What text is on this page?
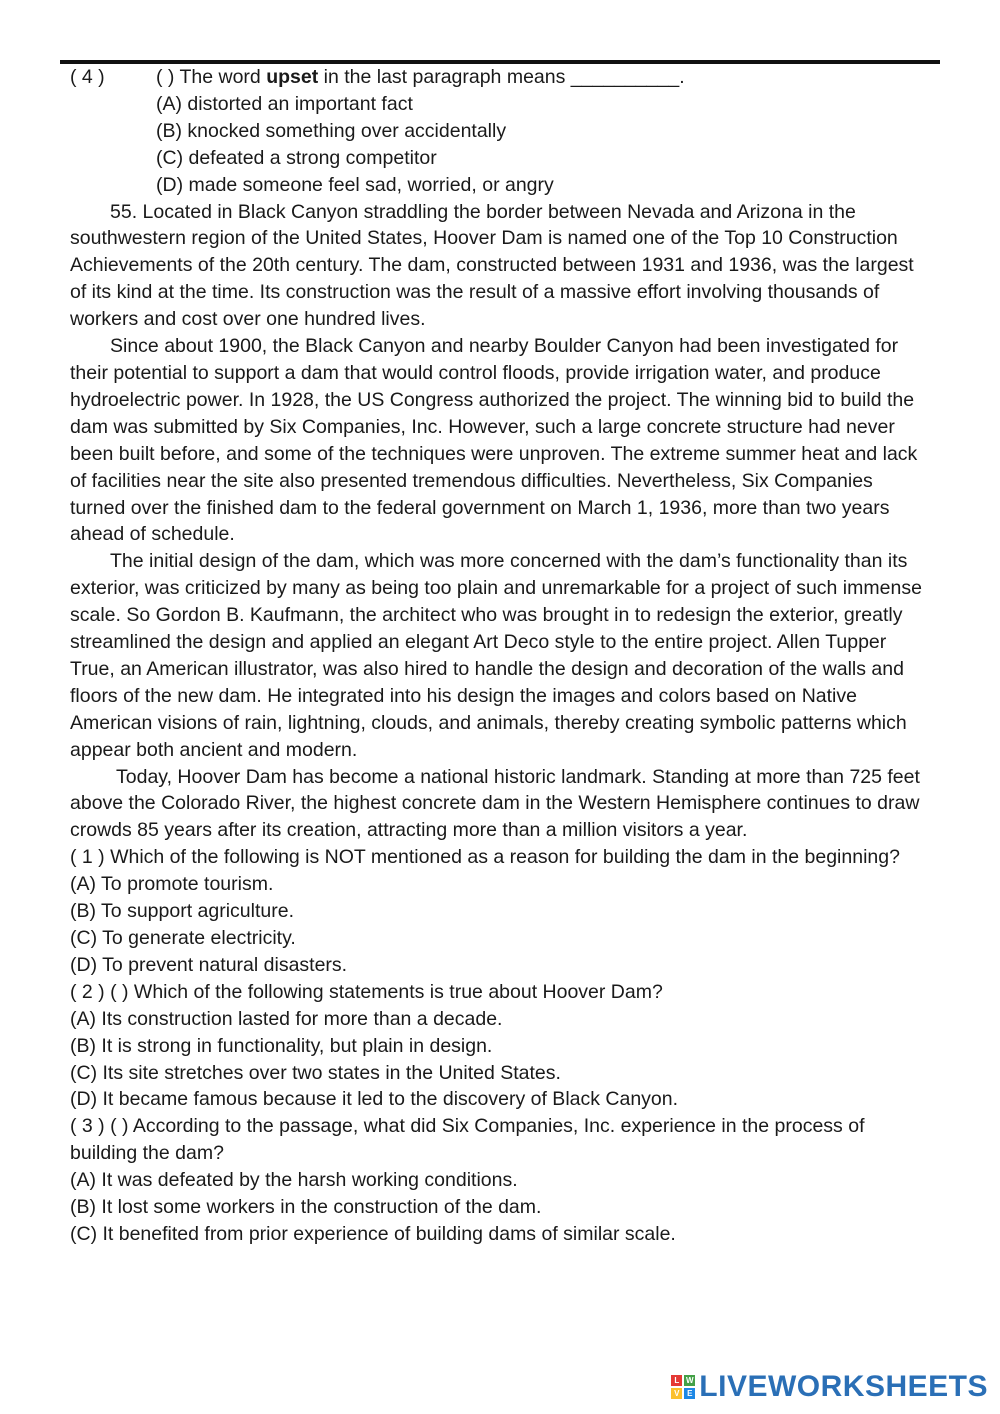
( 4 )	( ) The word upset in the last paragraph means __________.
(A) distorted an important fact
(B) knocked something over accidentally
(C) defeated a strong competitor
(D) made someone feel sad, worried, or angry

55. Located in Black Canyon straddling the border between Nevada and Arizona in the southwestern region of the United States, Hoover Dam is named one of the Top 10 Construction Achievements of the 20th century. The dam, constructed between 1931 and 1936, was the largest of its kind at the time. Its construction was the result of a massive effort involving thousands of workers and cost over one hundred lives.

Since about 1900, the Black Canyon and nearby Boulder Canyon had been investigated for their potential to support a dam that would control floods, provide irrigation water, and produce hydroelectric power. In 1928, the US Congress authorized the project. The winning bid to build the dam was submitted by Six Companies, Inc. However, such a large concrete structure had never been built before, and some of the techniques were unproven. The extreme summer heat and lack of facilities near the site also presented tremendous difficulties. Nevertheless, Six Companies turned over the finished dam to the federal government on March 1, 1936, more than two years ahead of schedule.

The initial design of the dam, which was more concerned with the dam’s functionality than its exterior, was criticized by many as being too plain and unremarkable for a project of such immense scale. So Gordon B. Kaufmann, the architect who was brought in to redesign the exterior, greatly streamlined the design and applied an elegant Art Deco style to the entire project. Allen Tupper True, an American illustrator, was also hired to handle the design and decoration of the walls and floors of the new dam. He integrated into his design the images and colors based on Native American visions of rain, lightning, clouds, and animals, thereby creating symbolic patterns which appear both ancient and modern.

Today, Hoover Dam has become a national historic landmark. Standing at more than 725 feet above the Colorado River, the highest concrete dam in the Western Hemisphere continues to draw crowds 85 years after its creation, attracting more than a million visitors a year.

( 1 ) Which of the following is NOT mentioned as a reason for building the dam in the beginning?

(A) To promote tourism.
(B) To support agriculture.
(C) To generate electricity.
(D) To prevent natural disasters.

( 2 ) ( ) Which of the following statements is true about Hoover Dam?

(A) Its construction lasted for more than a decade.
(B) It is strong in functionality, but plain in design.
(C) Its site stretches over two states in the United States.
(D) It became famous because it led to the discovery of Black Canyon.

( 3 ) ( ) According to the passage, what did Six Companies, Inc. experience in the process of building the dam?

(A) It was defeated by the harsh working conditions.
(B) It lost some workers in the construction of the dam.
(C) It benefited from prior experience of building dams of similar scale.
L W
V E LIVEWORKSHEETS
